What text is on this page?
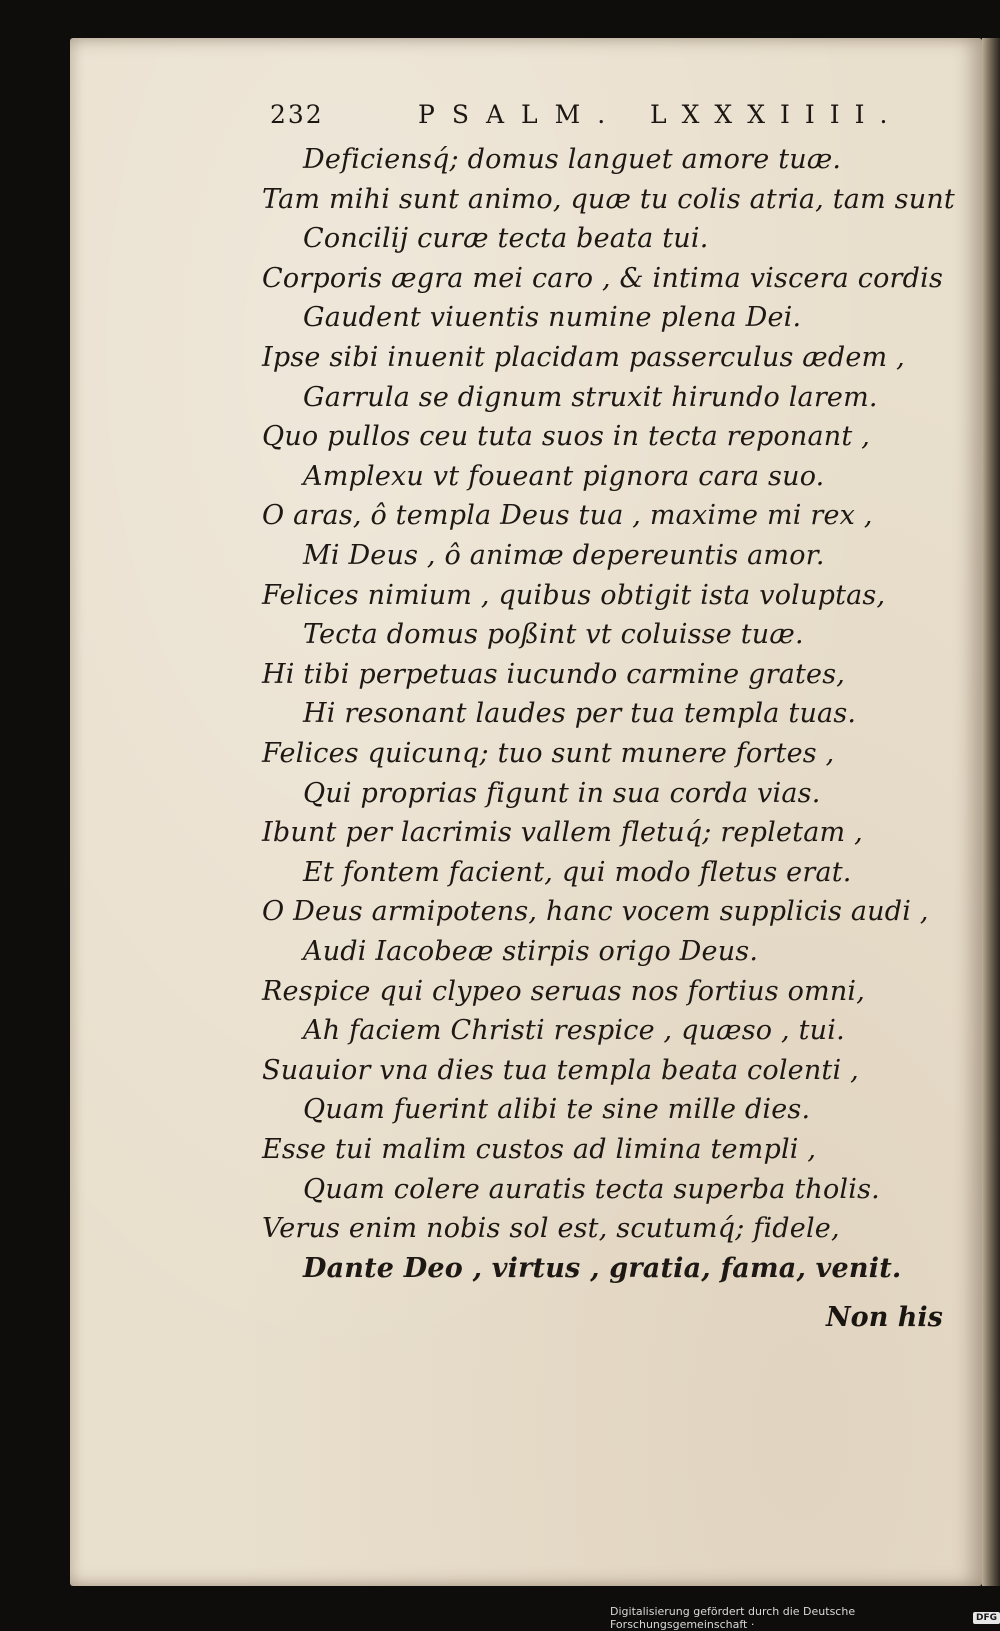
232	PSALM. LXXXIIII.
Deficiensq́; domus languet amore tuæ.
Tam mihi sunt animo, quæ tu colis atria, tam sunt
Concilij curæ tecta beata tui.
Corporis ægra mei caro , & intima viscera cordis
Gaudent viuentis numine plena Dei.
Ipse sibi inuenit placidam passerculus ædem ,
Garrula se dignum struxit hirundo larem.
Quo pullos ceu tuta suos in tecta reponant ,
Amplexu vt foueant pignora cara suo.
O aras, ô templa Deus tua , maxime mi rex ,
Mi Deus , ô animæ depereuntis amor.
Felices nimium , quibus obtigit ista voluptas,
Tecta domus poßint vt coluisse tuæ.
Hi tibi perpetuas iucundo carmine grates,
Hi resonant laudes per tua templa tuas.
Felices quicunq; tuo sunt munere fortes ,
Qui proprias figunt in sua corda vias.
Ibunt per lacrimis vallem fletuq́; repletam ,
Et fontem facient, qui modo fletus erat.
O Deus armipotens, hanc vocem supplicis audi ,
Audi Iacobeæ stirpis origo Deus.
Respice qui clypeo seruas nos fortius omni,
Ah faciem Christi respice , quæso , tui.
Suauior vna dies tua templa beata colenti ,
Quam fuerint alibi te sine mille dies.
Esse tui malim custos ad limina templi ,
Quam colere auratis tecta superba tholis.
Verus enim nobis sol est, scutumq́; fidele,
Dante Deo , virtus , gratia, fama, venit.
Non his
Digitalisierung gefördert durch die Deutsche Forschungsgemeinschaft ·	DFG
